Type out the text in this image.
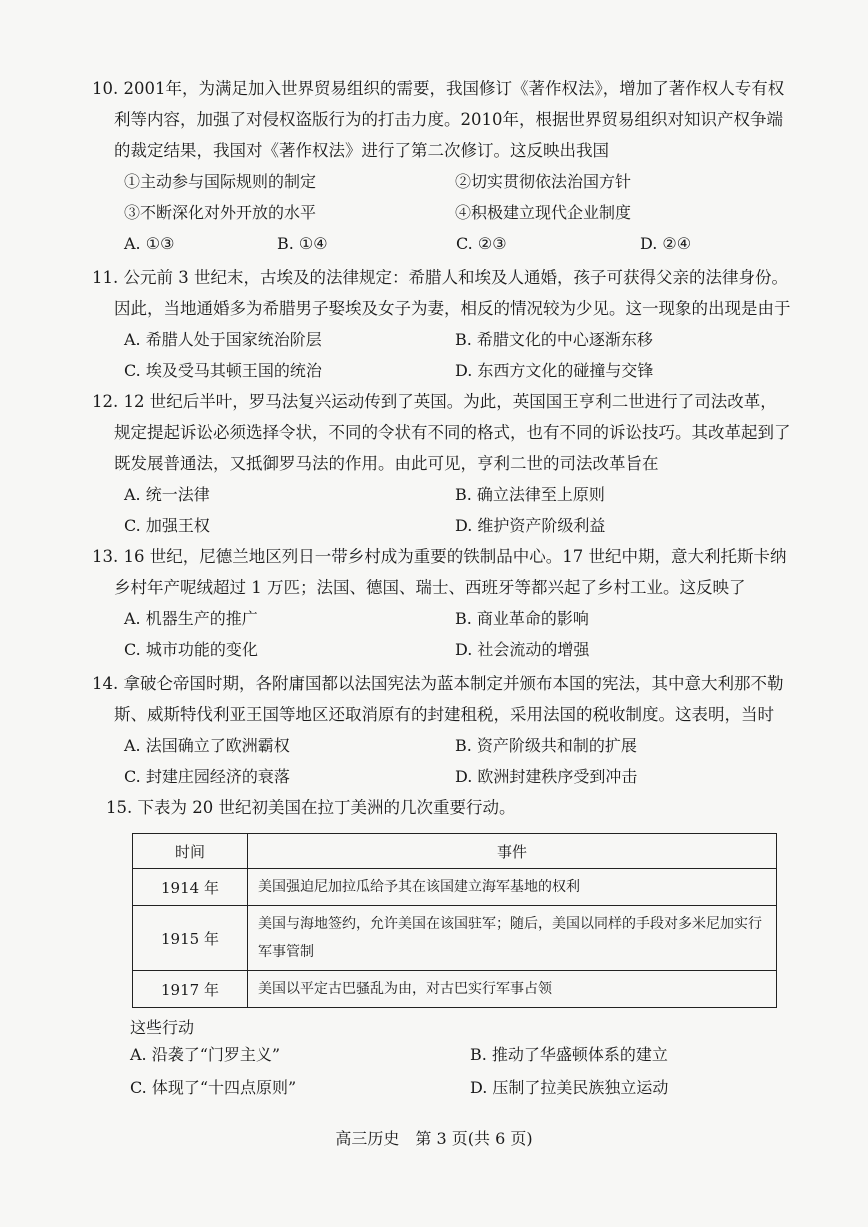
10. 2001年，为满足加入世界贸易组织的需要，我国修订《著作权法》，增加了著作权人专有权利等内容，加强了对侵权盗版行为的打击力度。2010年，根据世界贸易组织对知识产权争端的裁定结果，我国对《著作权法》进行了第二次修订。这反映出我国

①主动参与国际规则的制定	②切实贯彻依法治国方针
③不断深化对外开放的水平	④积极建立现代企业制度
A. ①③	B. ①④	C. ②③	D. ②④

11. 公元前 3 世纪末，古埃及的法律规定：希腊人和埃及人通婚，孩子可获得父亲的法律身份。因此，当地通婚多为希腊男子娶埃及女子为妻，相反的情况较为少见。这一现象的出现是由于

A. 希腊人处于国家统治阶层	B. 希腊文化的中心逐渐东移
C. 埃及受马其顿王国的统治	D. 东西方文化的碰撞与交锋

12. 12 世纪后半叶，罗马法复兴运动传到了英国。为此，英国国王亨利二世进行了司法改革，规定提起诉讼必须选择令状，不同的令状有不同的格式，也有不同的诉讼技巧。其改革起到了既发展普通法，又抵御罗马法的作用。由此可见，亨利二世的司法改革旨在

A. 统一法律	B. 确立法律至上原则
C. 加强王权	D. 维护资产阶级利益

13. 16 世纪，尼德兰地区列日一带乡村成为重要的铁制品中心。17 世纪中期，意大利托斯卡纳乡村年产呢绒超过 1 万匹；法国、德国、瑞士、西班牙等都兴起了乡村工业。这反映了

A. 机器生产的推广	B. 商业革命的影响
C. 城市功能的变化	D. 社会流动的增强

14. 拿破仑帝国时期，各附庸国都以法国宪法为蓝本制定并颁布本国的宪法，其中意大利那不勒斯、威斯特伐利亚王国等地区还取消原有的封建租税，采用法国的税收制度。这表明，当时

A. 法国确立了欧洲霸权	B. 资产阶级共和制的扩展
C. 封建庄园经济的衰落	D. 欧洲封建秩序受到冲击

15. 下表为 20 世纪初美国在拉丁美洲的几次重要行动。

时间	事件
1914 年	美国强迫尼加拉瓜给予其在该国建立海军基地的权利
1915 年	美国与海地签约，允许美国在该国驻军；随后，美国以同样的手段对多米尼加实行军事管制
1917 年	美国以平定古巴骚乱为由，对古巴实行军事占领
这些行动
A. 沿袭了“门罗主义”	B. 推动了华盛顿体系的建立
C. 体现了“十四点原则”	D. 压制了拉美民族独立运动
高三历史　第 3 页(共 6 页)
